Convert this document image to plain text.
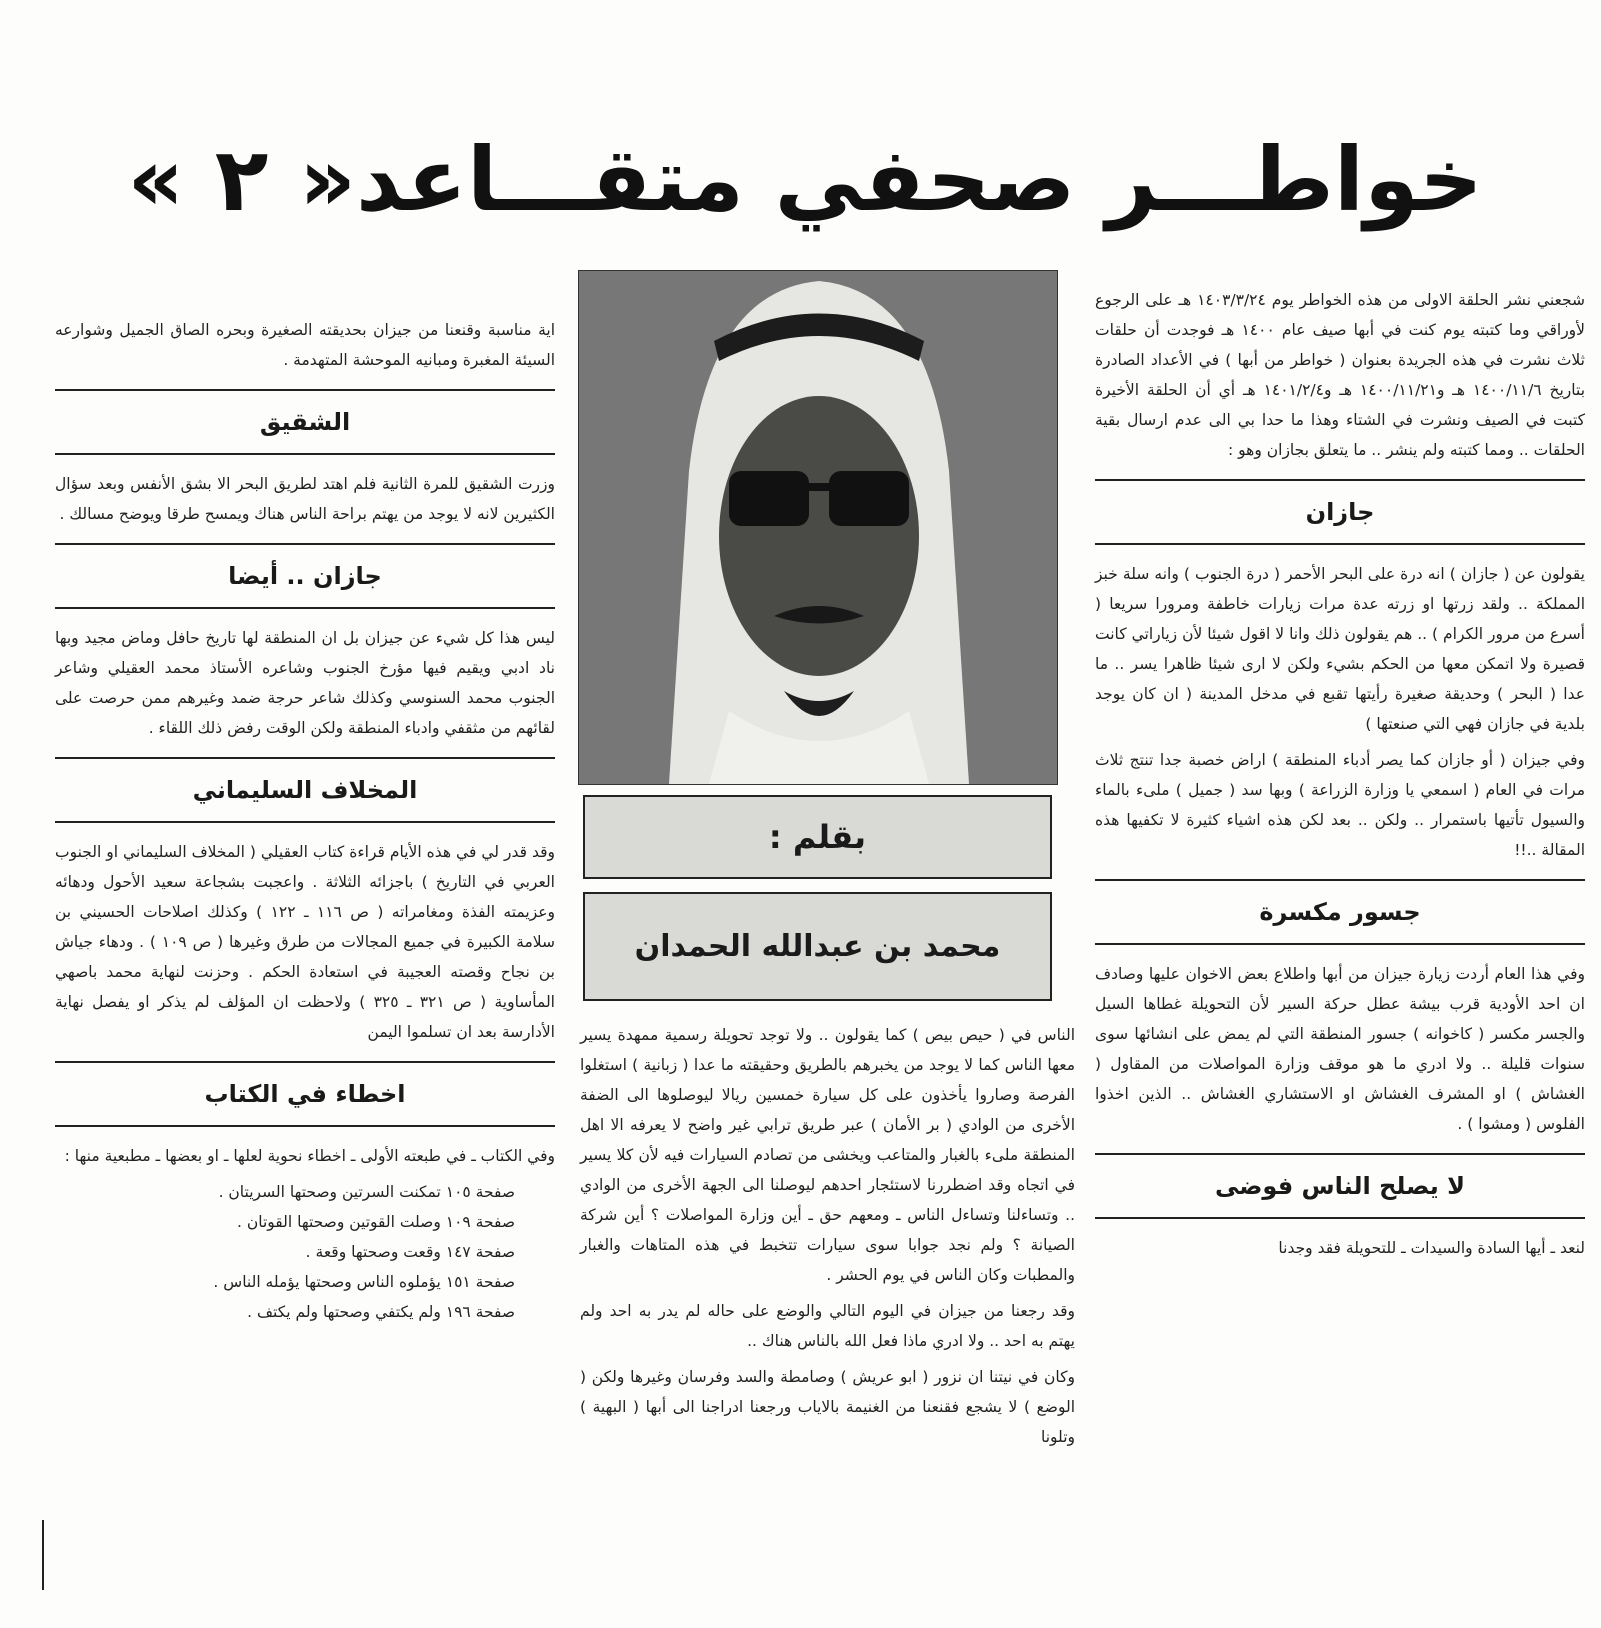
خواطـــر صحفي متقـــاعد« ٢ »

شجعني نشر الحلقة الاولى من هذه الخواطر يوم ١٤٠٣/٣/٢٤ هـ على الرجوع لأوراقي وما كتبته يوم كنت في أبها صيف عام ١٤٠٠ هـ فوجدت أن حلقات ثلاث نشرت في هذه الجريدة بعنوان ( خواطر من أبها ) في الأعداد الصادرة بتاريخ ١٤٠٠/١١/٦ هـ و١٤٠٠/١١/٢١ هـ و١٤٠١/٢/٤ هـ أي أن الحلقة الأخيرة كتبت في الصيف ونشرت في الشتاء وهذا ما حدا بي الى عدم ارسال بقية الحلقات .. ومما كتبته ولم ينشر .. ما يتعلق بجازان وهو :

جازان

يقولون عن ( جازان ) انه درة على البحر الأحمر ( درة الجنوب ) وانه سلة خبز المملكة .. ولقد زرتها او زرته عدة مرات زيارات خاطفة ومرورا سريعا ( أسرع من مرور الكرام ) .. هم يقولون ذلك وانا لا اقول شيئا لأن زياراتي كانت قصيرة ولا اتمكن معها من الحكم بشيء ولكن لا ارى شيئا ظاهرا يسر .. ما عدا ( البحر ) وحديقة صغيرة رأيتها تقبع في مدخل المدينة ( ان كان يوجد بلدية في جازان فهي التي صنعتها )

وفي جيزان ( أو جازان كما يصر أدباء المنطقة ) اراض خصبة جدا تنتج ثلاث مرات في العام ( اسمعي يا وزارة الزراعة ) وبها سد ( جميل ) ملىء بالماء والسيول تأتيها باستمرار .. ولكن .. بعد لكن هذه اشياء كثيرة لا تكفيها هذه المقالة ..!!

جسور مكسرة

وفي هذا العام أردت زيارة جيزان من أبها واطلاع بعض الاخوان عليها وصادف ان احد الأودية قرب بيشة عطل حركة السير لأن التحويلة غطاها السيل والجسر مكسر ( كاخوانه ) جسور المنطقة التي لم يمض على انشائها سوى سنوات قليلة .. ولا ادري ما هو موقف وزارة المواصلات من المقاول ( الغشاش ) او المشرف الغشاش او الاستشاري الغشاش .. الذين اخذوا الفلوس ( ومشوا ) .

لا يصلح الناس فوضى

لنعد ـ أيها السادة والسيدات ـ للتحويلة فقد وجدنا

بقلم :
محمد بن عبدالله الحمدان

الناس في ( حيص بيص ) كما يقولون .. ولا توجد تحويلة رسمية ممهدة يسير معها الناس كما لا يوجد من يخبرهم بالطريق وحقيقته ما عدا ( زبانية ) استغلوا الفرصة وصاروا يأخذون على كل سيارة خمسين ريالا ليوصلوها الى الضفة الأخرى من الوادي ( بر الأمان ) عبر طريق ترابي غير واضح لا يعرفه الا اهل المنطقة ملىء بالغبار والمتاعب ويخشى من تصادم السيارات فيه لأن كلا يسير في اتجاه وقد اضطررنا لاستئجار احدهم ليوصلنا الى الجهة الأخرى من الوادي .. وتساءلنا وتساءل الناس ـ ومعهم حق ـ أين وزارة المواصلات ؟ أين شركة الصيانة ؟ ولم نجد جوابا سوى سيارات تتخبط في هذه المتاهات والغبار والمطبات وكان الناس في يوم الحشر .

وقد رجعنا من جيزان في اليوم التالي والوضع على حاله لم يدر به احد ولم يهتم به احد .. ولا ادري ماذا فعل الله بالناس هناك ..

وكان في نيتنا ان نزور ( ابو عريش ) وصامطة والسد وفرسان وغيرها ولكن ( الوضع ) لا يشجع فقنعنا من الغنيمة بالاياب ورجعنا ادراجنا الى أبها ( البهية ) وتلونا

اية مناسبة وقنعنا من جيزان بحديقته الصغيرة وبحره الصاق الجميل وشوارعه السيئة المغبرة ومبانيه الموحشة المتهدمة .

الشقيق

وزرت الشقيق للمرة الثانية فلم اهتد لطريق البحر الا بشق الأنفس وبعد سؤال الكثيرين لانه لا يوجد من يهتم براحة الناس هناك ويمسح طرقا ويوضح مسالك .

جازان .. أيضا

ليس هذا كل شيء عن جيزان بل ان المنطقة لها تاريخ حافل وماض مجيد وبها ناد ادبي ويقيم فيها مؤرخ الجنوب وشاعره الأستاذ محمد العقيلي وشاعر الجنوب محمد السنوسي وكذلك شاعر حرجة ضمد وغيرهم ممن حرصت على لقائهم من مثقفي وادباء المنطقة ولكن الوقت رفض ذلك اللقاء .

المخلاف السليماني

وقد قدر لي في هذه الأيام قراءة كتاب العقيلي ( المخلاف السليماني او الجنوب العربي في التاريخ ) باجزائه الثلاثة . واعجبت بشجاعة سعيد الأحول ودهائه وعزيمته الفذة ومغامراته ( ص ١١٦ ـ ١٢٢ ) وكذلك اصلاحات الحسيني بن سلامة الكبيرة في جميع المجالات من طرق وغيرها ( ص ١٠٩ ) . ودهاء جياش بن نجاح وقصته العجيبة في استعادة الحكم . وحزنت لنهاية محمد باصهي المأساوية ( ص ٣٢١ ـ ٣٢٥ ) ولاحظت ان المؤلف لم يذكر او يفصل نهاية الأدارسة بعد ان تسلموا اليمن

اخطاء في الكتاب

وفي الكتاب ـ في طبعته الأولى ـ اخطاء نحوية لعلها ـ او بعضها ـ مطبعية منها :

صفحة ١٠٥ تمكنت السرتين وصحتها السريتان .
صفحة ١٠٩ وصلت القوتين وصحتها القوتان .
صفحة ١٤٧ وقعت وصحتها وقعة .
صفحة ١٥١ يؤملوه الناس وصحتها يؤمله الناس .
صفحة ١٩٦ ولم يكتفي وصحتها ولم يكتف .
